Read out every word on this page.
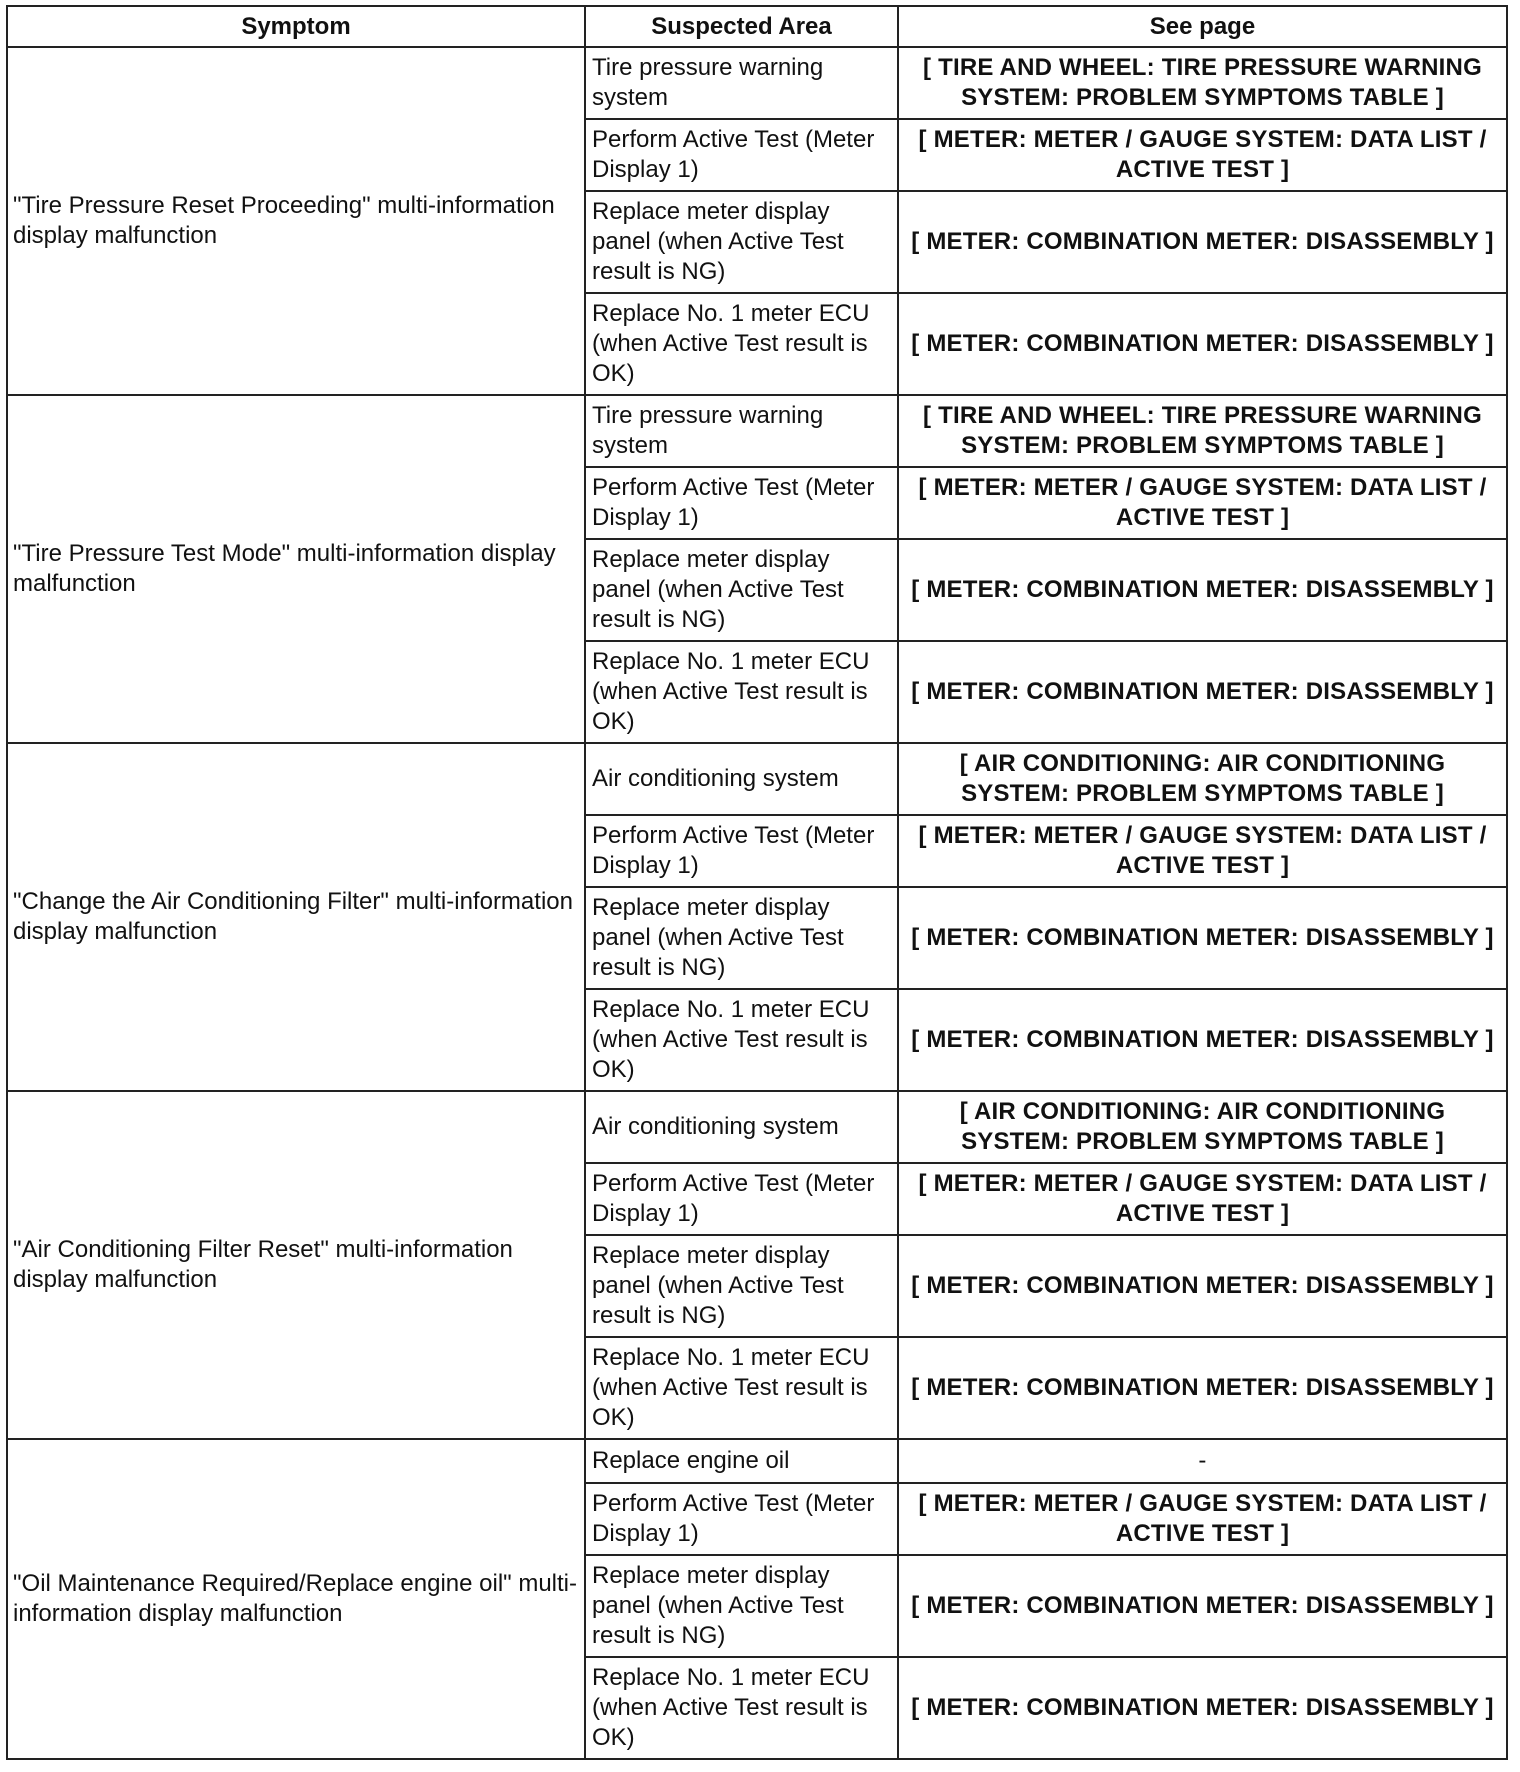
Symptom	Suspected Area	See page
"Tire Pressure Reset Proceeding" multi-information display malfunction	Tire pressure warning system	[ TIRE AND WHEEL: TIRE PRESSURE WARNING SYSTEM: PROBLEM SYMPTOMS TABLE ]
	Perform Active Test (Meter Display 1)	[ METER: METER / GAUGE SYSTEM: DATA LIST / ACTIVE TEST ]
	Replace meter display panel (when Active Test result is NG)	[ METER: COMBINATION METER: DISASSEMBLY ]
	Replace No. 1 meter ECU (when Active Test result is OK)	[ METER: COMBINATION METER: DISASSEMBLY ]
"Tire Pressure Test Mode" multi-information display malfunction	Tire pressure warning system	[ TIRE AND WHEEL: TIRE PRESSURE WARNING SYSTEM: PROBLEM SYMPTOMS TABLE ]
	Perform Active Test (Meter Display 1)	[ METER: METER / GAUGE SYSTEM: DATA LIST / ACTIVE TEST ]
	Replace meter display panel (when Active Test result is NG)	[ METER: COMBINATION METER: DISASSEMBLY ]
	Replace No. 1 meter ECU (when Active Test result is OK)	[ METER: COMBINATION METER: DISASSEMBLY ]
"Change the Air Conditioning Filter" multi-information display malfunction	Air conditioning system	[ AIR CONDITIONING: AIR CONDITIONING SYSTEM: PROBLEM SYMPTOMS TABLE ]
	Perform Active Test (Meter Display 1)	[ METER: METER / GAUGE SYSTEM: DATA LIST / ACTIVE TEST ]
	Replace meter display panel (when Active Test result is NG)	[ METER: COMBINATION METER: DISASSEMBLY ]
	Replace No. 1 meter ECU (when Active Test result is OK)	[ METER: COMBINATION METER: DISASSEMBLY ]
"Air Conditioning Filter Reset" multi-information display malfunction	Air conditioning system	[ AIR CONDITIONING: AIR CONDITIONING SYSTEM: PROBLEM SYMPTOMS TABLE ]
	Perform Active Test (Meter Display 1)	[ METER: METER / GAUGE SYSTEM: DATA LIST / ACTIVE TEST ]
	Replace meter display panel (when Active Test result is NG)	[ METER: COMBINATION METER: DISASSEMBLY ]
	Replace No. 1 meter ECU (when Active Test result is OK)	[ METER: COMBINATION METER: DISASSEMBLY ]
"Oil Maintenance Required/Replace engine oil" multi-information display malfunction	Replace engine oil	-
	Perform Active Test (Meter Display 1)	[ METER: METER / GAUGE SYSTEM: DATA LIST / ACTIVE TEST ]
	Replace meter display panel (when Active Test result is NG)	[ METER: COMBINATION METER: DISASSEMBLY ]
	Replace No. 1 meter ECU (when Active Test result is OK)	[ METER: COMBINATION METER: DISASSEMBLY ]
